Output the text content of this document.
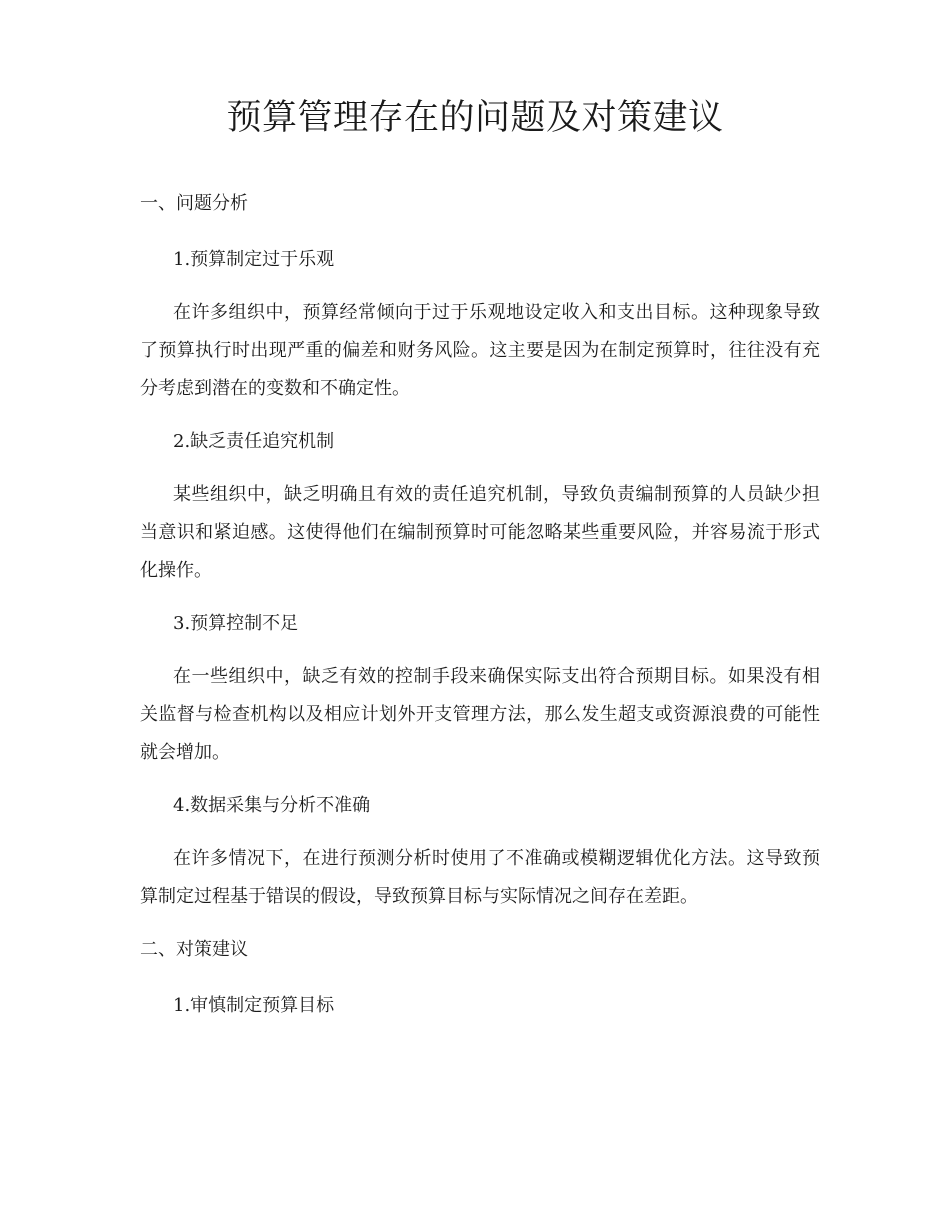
预算管理存在的问题及对策建议
一、问题分析
1.预算制定过于乐观

在许多组织中，预算经常倾向于过于乐观地设定收入和支出目标。这种现象导致了预算执行时出现严重的偏差和财务风险。这主要是因为在制定预算时，往往没有充分考虑到潜在的变数和不确定性。

2.缺乏责任追究机制

某些组织中，缺乏明确且有效的责任追究机制，导致负责编制预算的人员缺少担当意识和紧迫感。这使得他们在编制预算时可能忽略某些重要风险，并容易流于形式化操作。

3.预算控制不足

在一些组织中，缺乏有效的控制手段来确保实际支出符合预期目标。如果没有相关监督与检查机构以及相应计划外开支管理方法，那么发生超支或资源浪费的可能性就会增加。

4.数据采集与分析不准确

在许多情况下，在进行预测分析时使用了不准确或模糊逻辑优化方法。这导致预算制定过程基于错误的假设，导致预算目标与实际情况之间存在差距。

二、对策建议
1.审慎制定预算目标
